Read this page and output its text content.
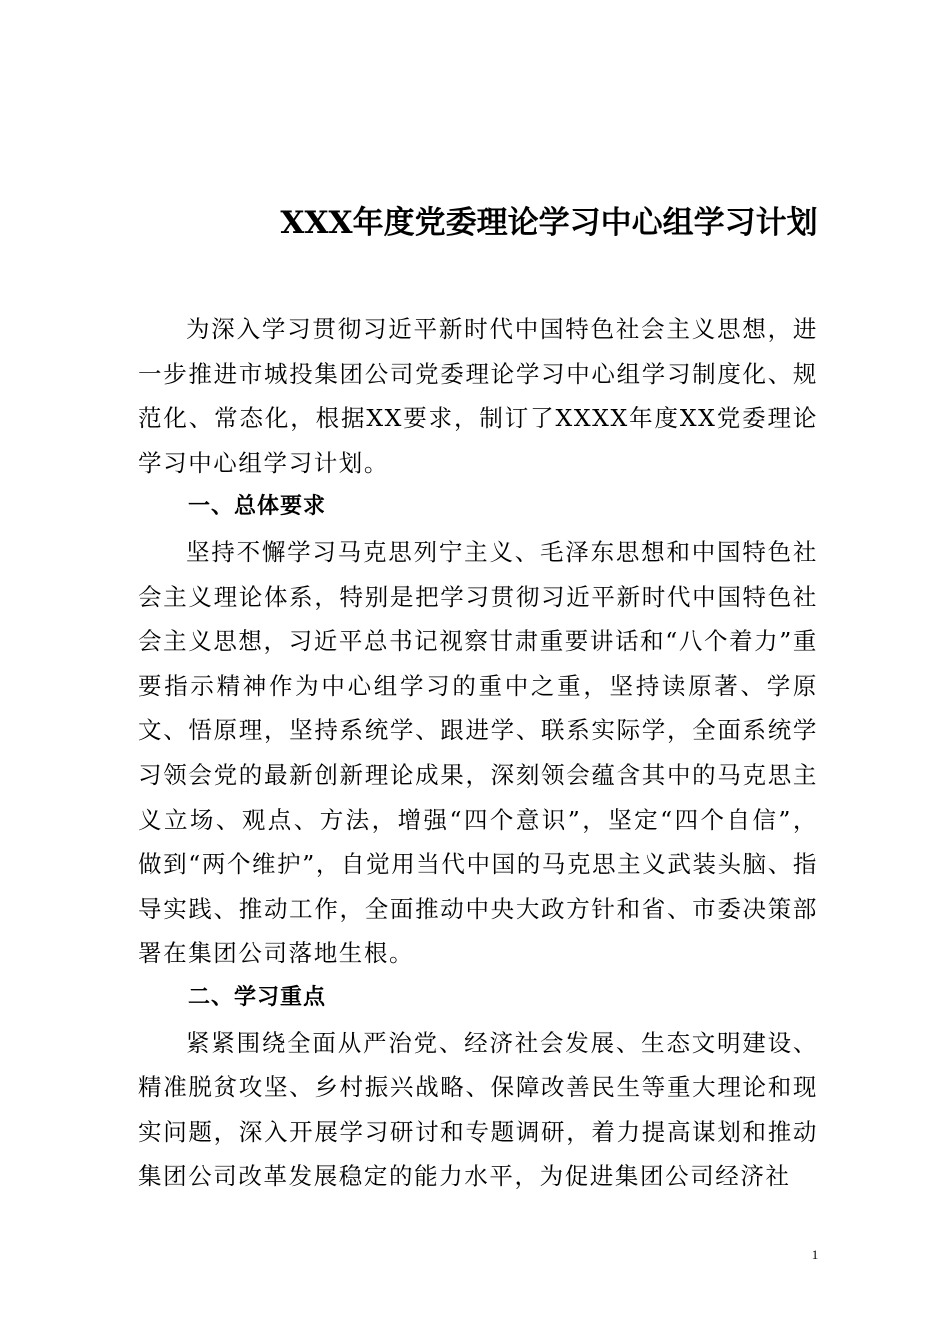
XXX年度党委理论学习中心组学习计划

为深入学习贯彻习近平新时代中国特色社会主义思想，进一步推进市城投集团公司党委理论学习中心组学习制度化、规范化、常态化，根据XX要求，制订了XXXX年度XX党委理论学习中心组学习计划。

一、总体要求

坚持不懈学习马克思列宁主义、毛泽东思想和中国特色社会主义理论体系，特别是把学习贯彻习近平新时代中国特色社会主义思想，习近平总书记视察甘肃重要讲话和“八个着力”重要指示精神作为中心组学习的重中之重，坚持读原著、学原文、悟原理，坚持系统学、跟进学、联系实际学，全面系统学习领会党的最新创新理论成果，深刻领会蕴含其中的马克思主义立场、观点、方法，增强“四个意识”，坚定“四个自信”，做到“两个维护”，自觉用当代中国的马克思主义武装头脑、指导实践、推动工作，全面推动中央大政方针和省、市委决策部署在集团公司落地生根。

二、学习重点

紧紧围绕全面从严治党、经济社会发展、生态文明建设、精准脱贫攻坚、乡村振兴战略、保障改善民生等重大理论和现实问题，深入开展学习研讨和专题调研，着力提高谋划和推动集团公司改革发展稳定的能力水平，为促进集团公司经济社

1
